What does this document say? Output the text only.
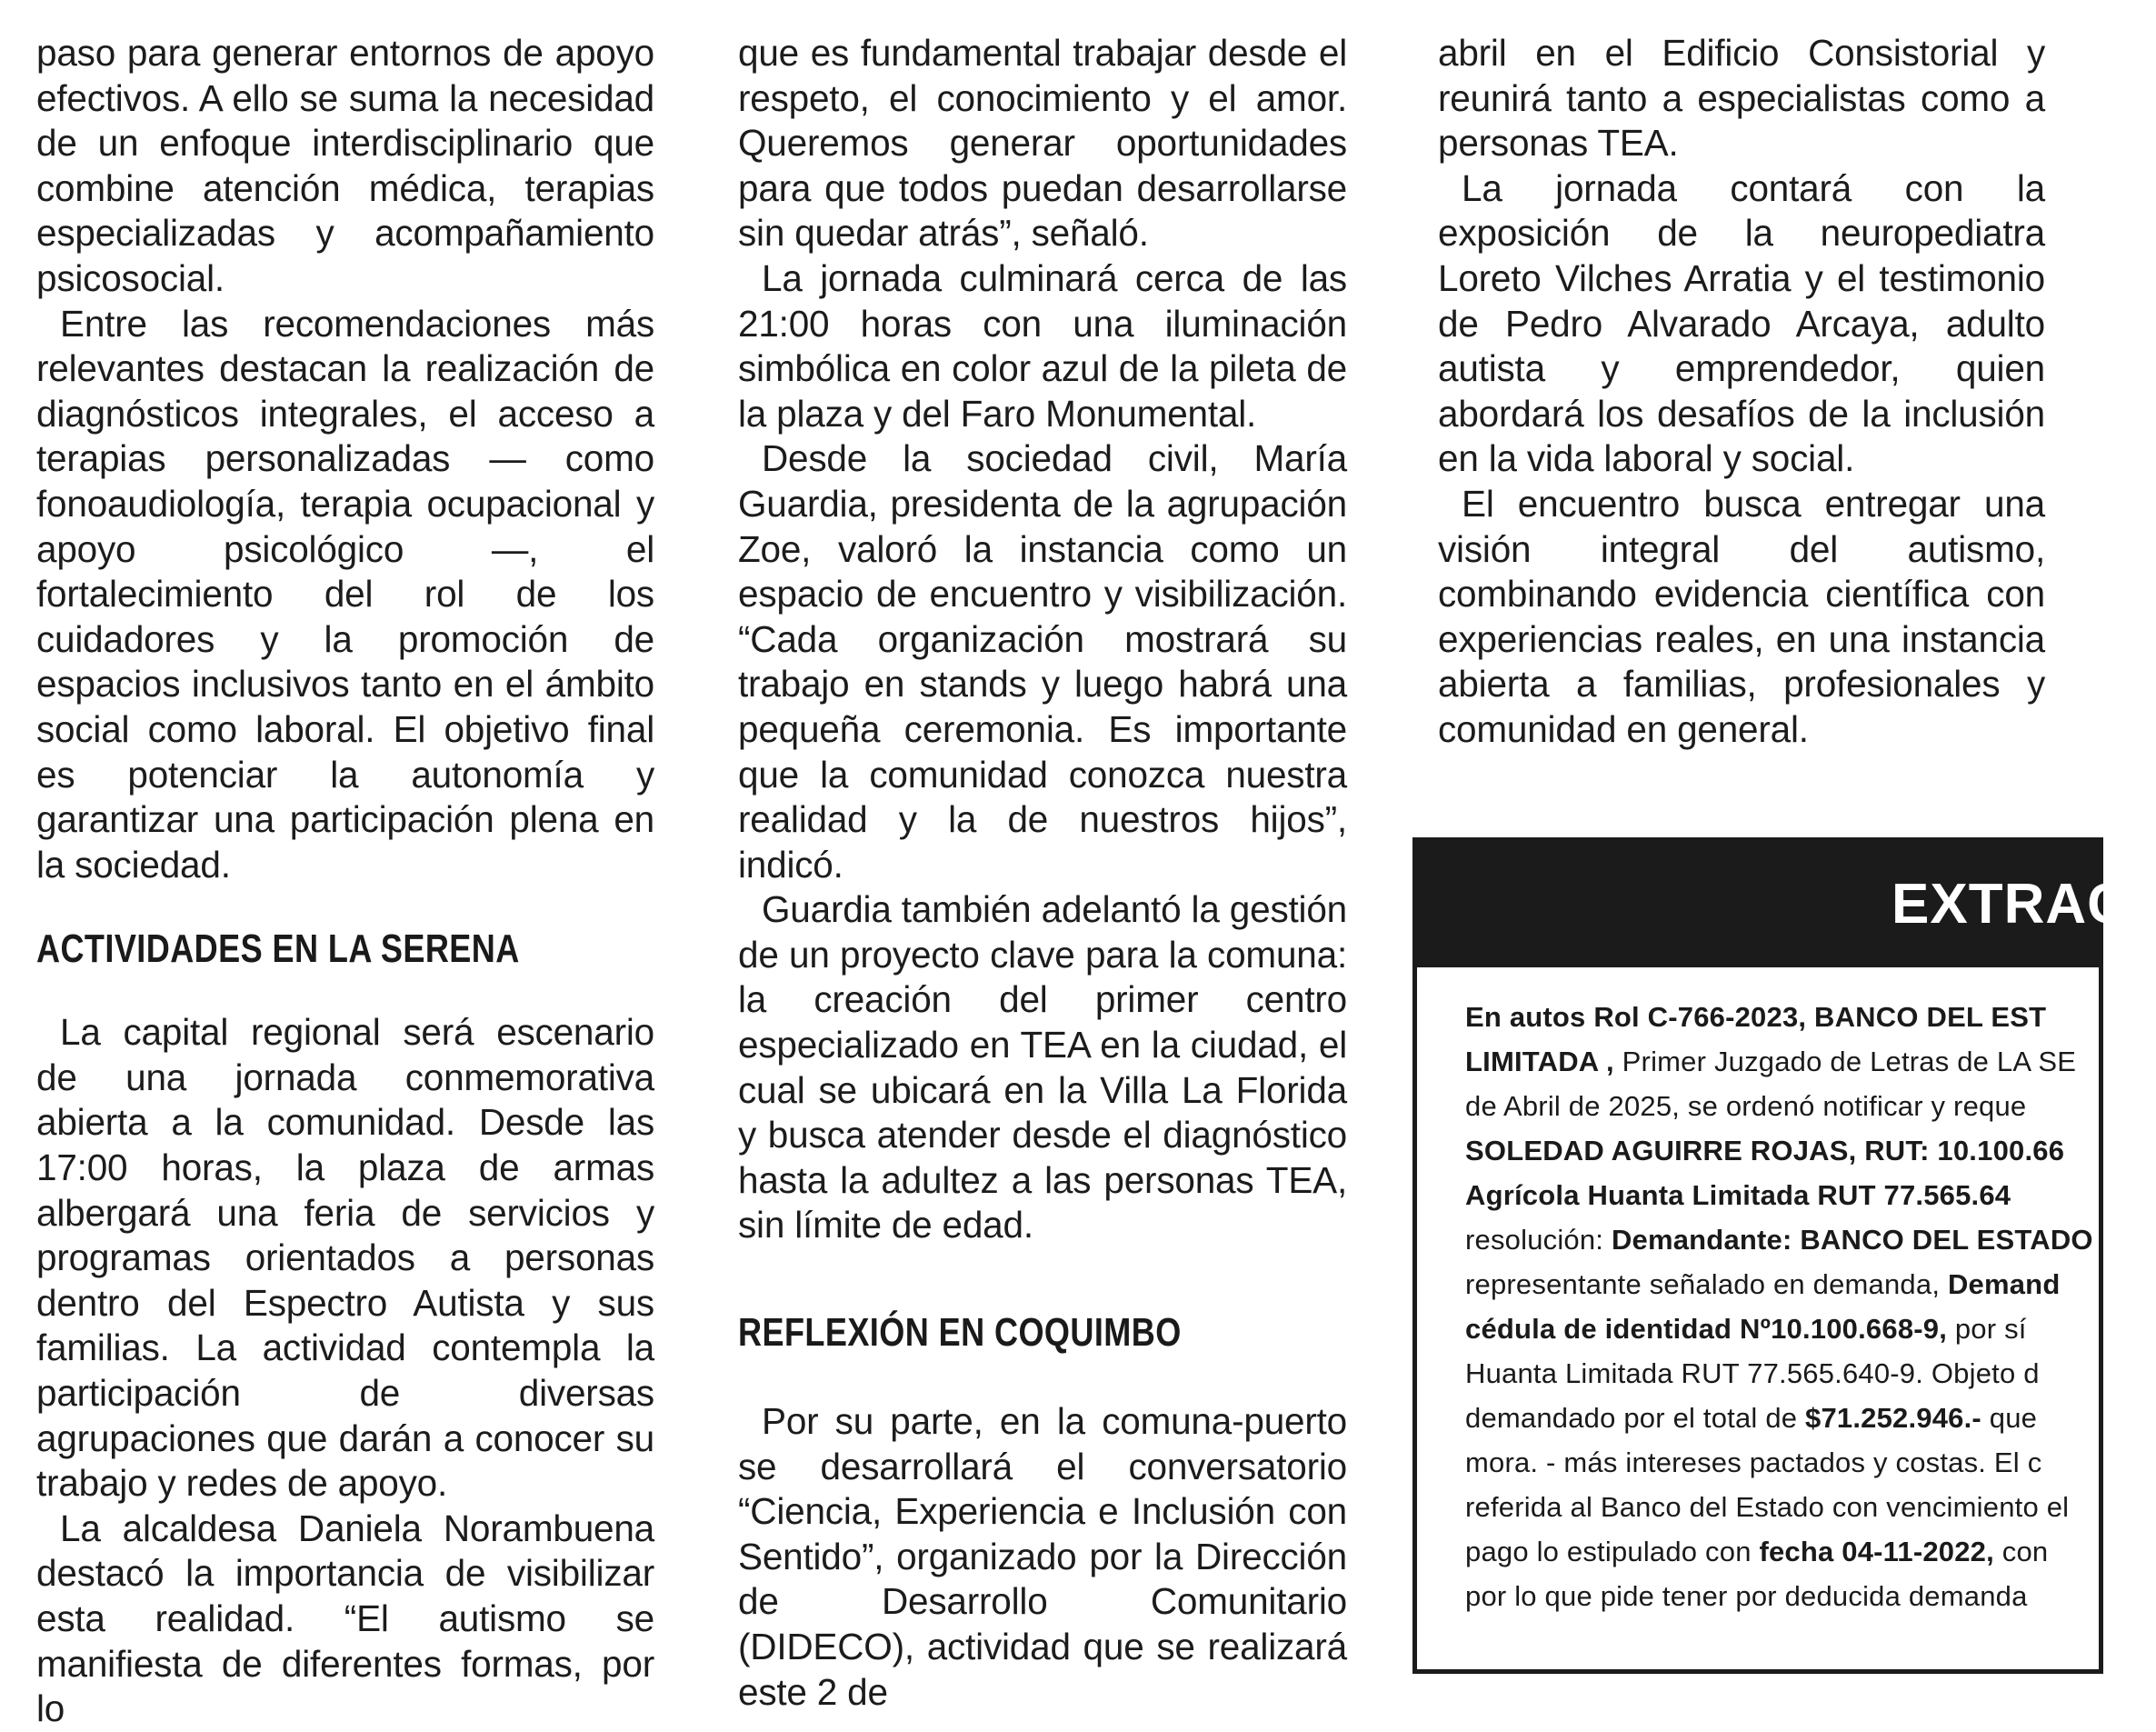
paso para generar entornos de apoyo efectivos. A ello se suma la necesidad de un enfoque interdisciplinario que combine atención médica, terapias especializadas y acompañamiento psicosocial.

Entre las recomendaciones más relevantes destacan la realización de diagnósticos integrales, el acceso a terapias personalizadas — como fonoaudiología, terapia ocupacional y apoyo psicológico —, el fortalecimiento del rol de los cuidadores y la promoción de espacios inclusivos tanto en el ámbito social como laboral. El objetivo final es potenciar la autonomía y garantizar una participación plena en la sociedad.

ACTIVIDADES EN LA SERENA

La capital regional será escenario de una jornada conmemorativa abierta a la comunidad. Desde las 17:00 horas, la plaza de armas albergará una feria de servicios y programas orientados a personas dentro del Espectro Autista y sus familias. La actividad contempla la participación de diversas agrupaciones que darán a conocer su trabajo y redes de apoyo.

La alcaldesa Daniela Norambuena destacó la importancia de visibilizar esta realidad. “El autismo se manifiesta de diferentes formas, por lo

que es fundamental trabajar desde el respeto, el conocimiento y el amor. Queremos generar oportunidades para que todos puedan desarrollarse sin quedar atrás”, señaló.

La jornada culminará cerca de las 21:00 horas con una iluminación simbólica en color azul de la pileta de la plaza y del Faro Monumental.

Desde la sociedad civil, María Guardia, presidenta de la agrupación Zoe, valoró la instancia como un espacio de encuentro y visibilización. “Cada organización mostrará su trabajo en stands y luego habrá una pequeña ceremonia. Es importante que la comunidad conozca nuestra realidad y la de nuestros hijos”, indicó.

Guardia también adelantó la gestión de un proyecto clave para la comuna: la creación del primer centro especializado en TEA en la ciudad, el cual se ubicará en la Villa La Florida y busca atender desde el diagnóstico hasta la adultez a las personas TEA, sin límite de edad.

REFLEXIÓN EN COQUIMBO

Por su parte, en la comuna-puerto se desarrollará el conversatorio “Ciencia, Experiencia e Inclusión con Sentido”, organizado por la Dirección de Desarrollo Comunitario (DIDECO), actividad que se realizará este 2 de

abril en el Edificio Consistorial y reunirá tanto a especialistas como a personas TEA.

La jornada contará con la exposición de la neuropediatra Loreto Vilches Arratia y el testimonio de Pedro Alvarado Arcaya, adulto autista y emprendedor, quien abordará los desafíos de la inclusión en la vida laboral y social.

El encuentro busca entregar una visión integral del autismo, combinando evidencia científica con experiencias reales, en una instancia abierta a familias, profesionales y comunidad en general.

EXTRAC
En autos Rol C-766-2023, BANCO DEL EST
LIMITADA , Primer Juzgado de Letras de LA SE
de Abril de 2025, se ordenó notificar y reque
SOLEDAD AGUIRRE ROJAS, RUT: 10.100.66
Agrícola Huanta Limitada RUT 77.565.64
resolución: Demandante: BANCO DEL ESTADO
representante señalado en demanda, Demand
cédula de identidad Nº10.100.668-9, por sí
Huanta Limitada RUT 77.565.640-9. Objeto d
demandado por el total de $71.252.946.- que
mora. - más intereses pactados y costas. El c
referida al Banco del Estado con vencimiento el
pago lo estipulado con fecha 04-11-2022, con
por lo que pide tener por deducida demanda
